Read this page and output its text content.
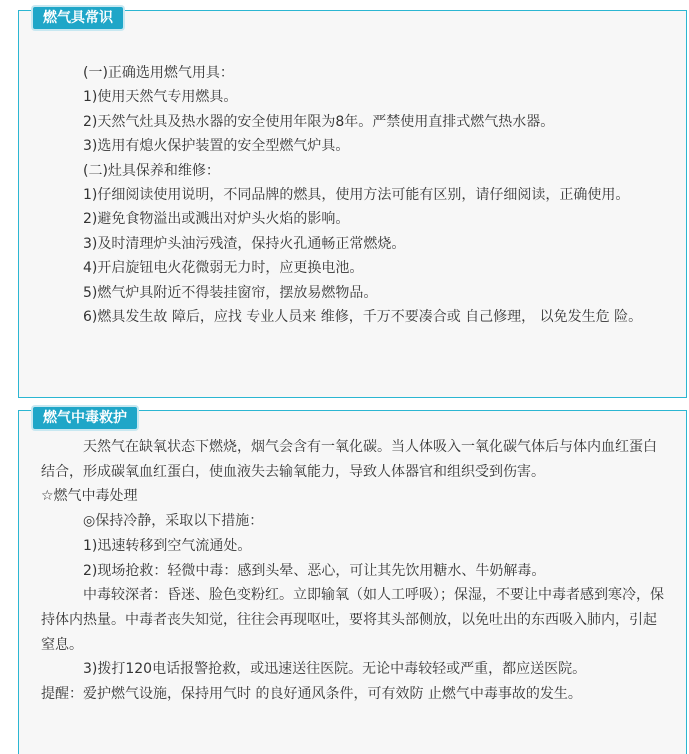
燃气具常识

(一)正确选用燃气用具：

1)使用天然气专用燃具。

2)天然气灶具及热水器的安全使用年限为8年。严禁使用直排式燃气热水器。

3)选用有熄火保护装置的安全型燃气炉具。

(二)灶具保养和维修：

1)仔细阅读使用说明，不同品牌的燃具，使用方法可能有区别，请仔细阅读，正确使用。

2)避免食物溢出或溅出对炉头火焰的影响。

3)及时清理炉头油污残渣，保持火孔通畅正常燃烧。

4)开启旋钮电火花微弱无力时，应更换电池。

5)燃气炉具附近不得装挂窗帘，摆放易燃物品。

6)燃具发生故 障后，应找 专业人员来 维修，千万不要凑合或 自己修理， 以免发生危 险。

燃气中毒救护

天然气在缺氧状态下燃烧，烟气会含有一氧化碳。当人体吸入一氧化碳气体后与体内血红蛋白结合，形成碳氧血红蛋白，使血液失去输氧能力，导致人体器官和组织受到伤害。

☆燃气中毒处理

◎保持冷静，采取以下措施：

1)迅速转移到空气流通处。

2)现场抢救：轻微中毒：感到头晕、恶心，可让其先饮用糖水、牛奶解毒。

中毒较深者：昏迷、脸色变粉红。立即输氧（如人工呼吸）；保湿，不要让中毒者感到寒冷，保持体内热量。中毒者丧失知觉，往往会再现呕吐，要将其头部侧放，以免吐出的东西吸入肺内，引起窒息。

3)拨打120电话报警抢救，或迅速送往医院。无论中毒较轻或严重，都应送医院。

提醒：爱护燃气设施，保持用气时 的良好通风条件，可有效防 止燃气中毒事故的发生。
